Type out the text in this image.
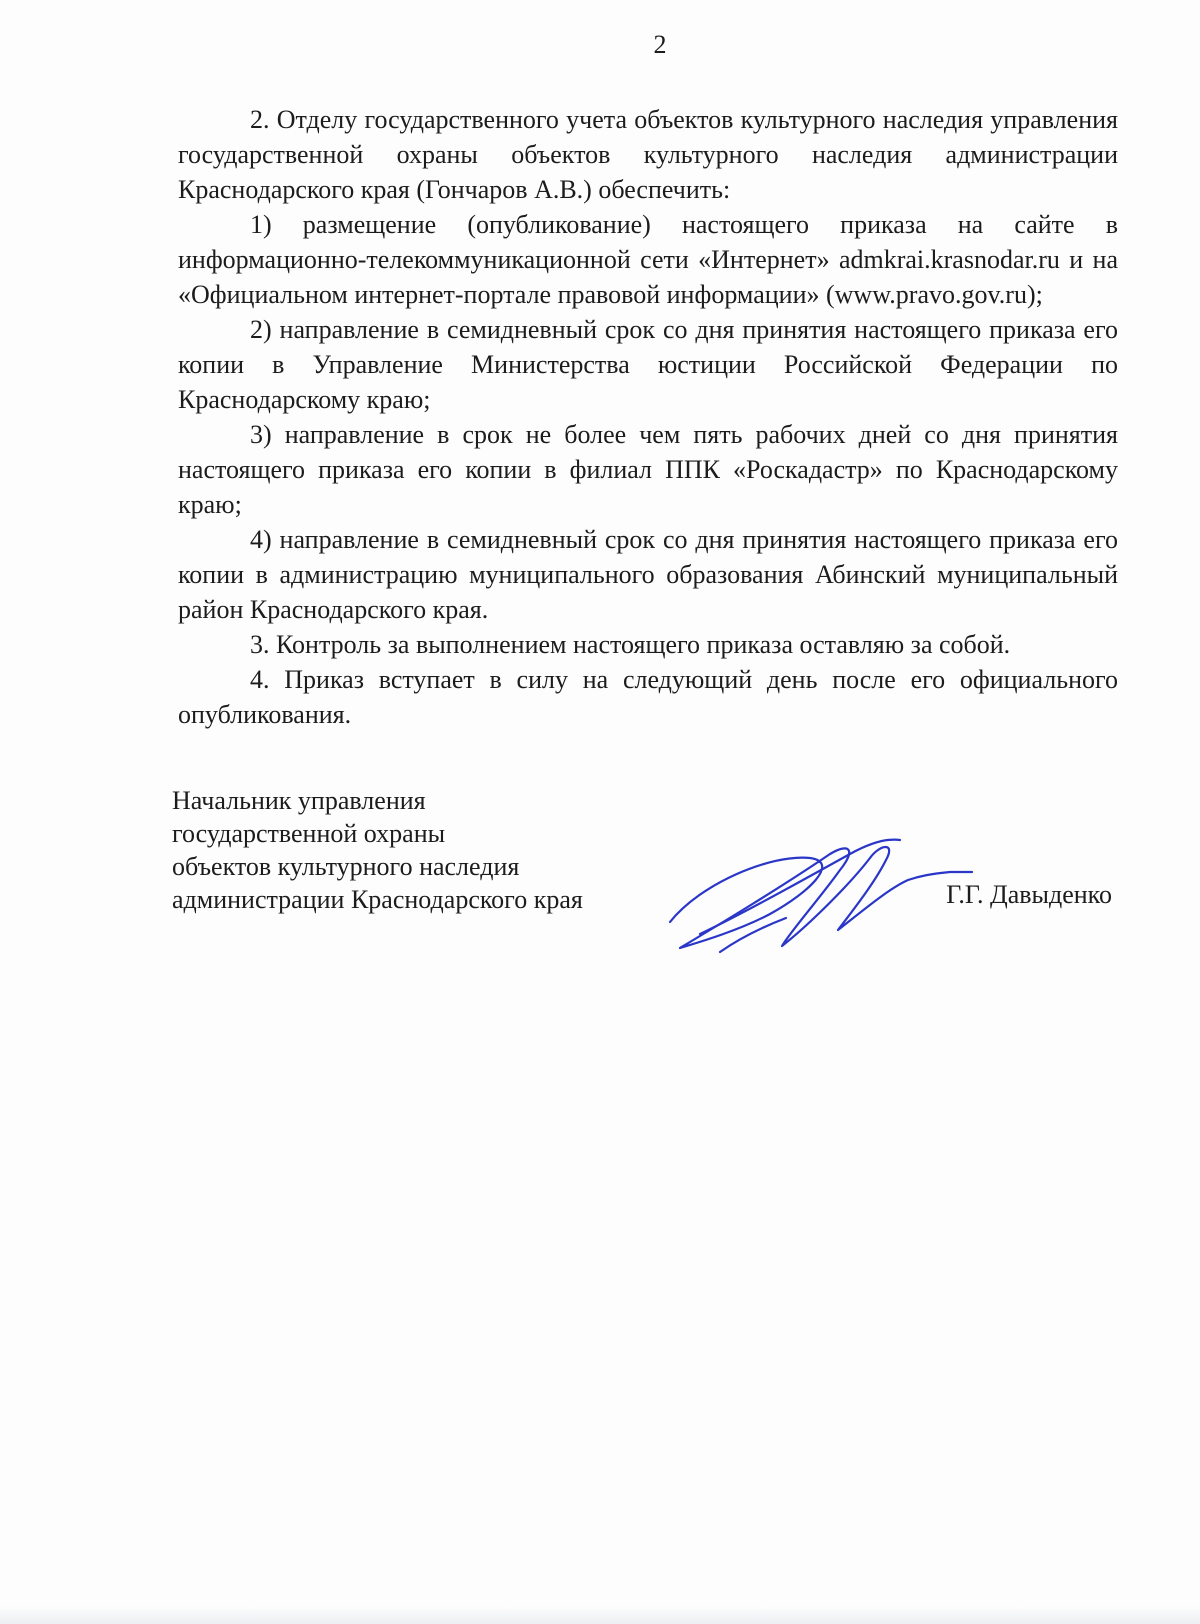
2

2. Отделу государственного учета объектов культурного наследия управления государственной охраны объектов культурного наследия администрации Краснодарского края (Гончаров А.В.) обеспечить:

1) размещение (опубликование) настоящего приказа на сайте в информационно-телекоммуникационной сети «Интернет» admkrai.krasnodar.ru и на «Официальном интернет-портале правовой информации» (www.pravo.gov.ru);

2) направление в семидневный срок со дня принятия настоящего приказа его копии в Управление Министерства юстиции Российской Федерации по Краснодарскому краю;

3) направление в срок не более чем пять рабочих дней со дня принятия настоящего приказа его копии в филиал ППК «Роскадастр» по Краснодарскому краю;

4) направление в семидневный срок со дня принятия настоящего приказа его копии в администрацию муниципального образования Абинский муниципальный район Краснодарского края.

3. Контроль за выполнением настоящего приказа оставляю за собой.

4. Приказ вступает в силу на следующий день после его официального опубликования.

Начальник управления
государственной охраны
объектов культурного наследия
администрации Краснодарского края	Г.Г. Давыденко
